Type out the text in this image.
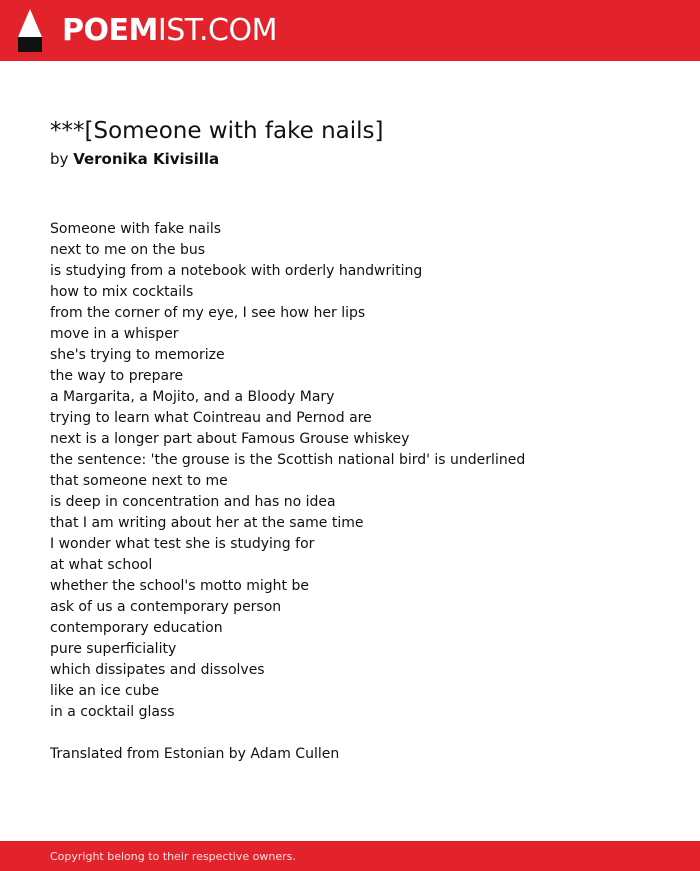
POEMIST.COM
***[Someone with fake nails]
by Veronika Kivisilla
Someone with fake nails
next to me on the bus
is studying from a notebook with orderly handwriting
how to mix cocktails
from the corner of my eye, I see how her lips
move in a whisper
she's trying to memorize
the way to prepare
a Margarita, a Mojito, and a Bloody Mary
trying to learn what Cointreau and Pernod are
next is a longer part about Famous Grouse whiskey
the sentence: 'the grouse is the Scottish national bird' is underlined
that someone next to me
is deep in concentration and has no idea
that I am writing about her at the same time
I wonder what test she is studying for
at what school
whether the school's motto might be
ask of us a contemporary person
contemporary education
pure superficiality
which dissipates and dissolves
like an ice cube
in a cocktail glass
Translated from Estonian by Adam Cullen
Copyright belong to their respective owners.
